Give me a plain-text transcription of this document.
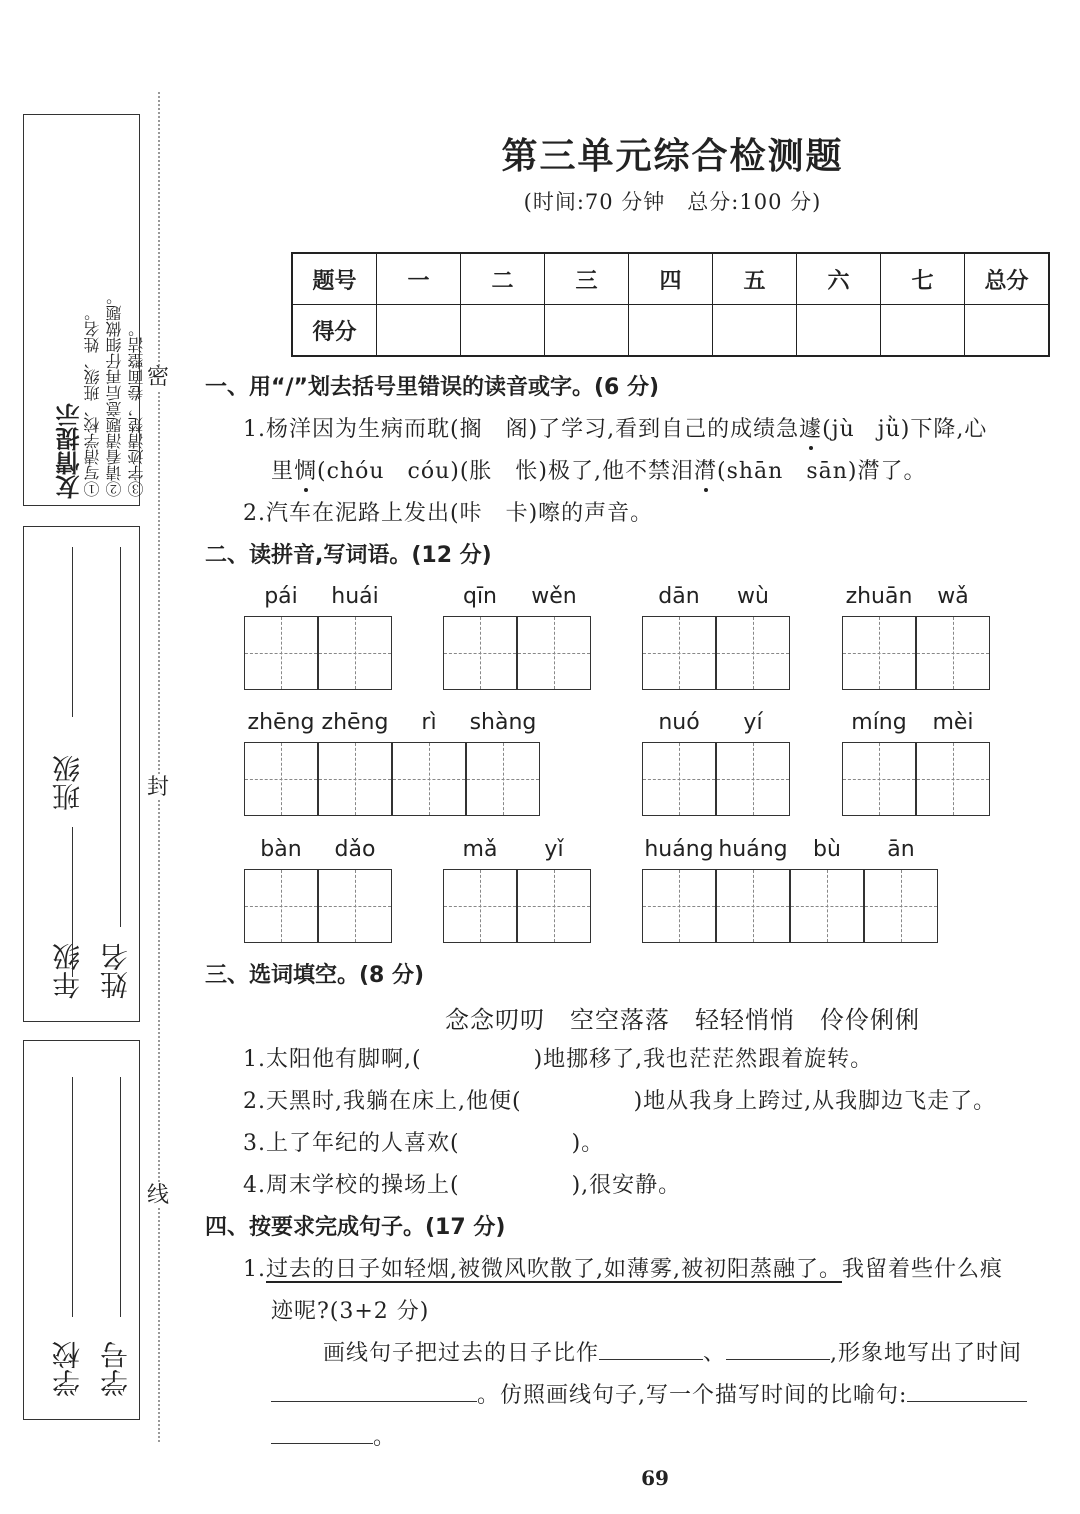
友情提示 ①写清学校、班级、姓名。 ②请看清题意后再仔细做题。 ③字迹清楚，卷面整洁。
年级
班级
姓名
学校 学号
密
封
线
第三单元综合检测题
(时间:70 分钟　总分:100 分)
题号	一	二	三	四	五	六	七	总分
得分								
一、用“/”划去括号里错误的读音或字。(6 分)
1.杨洋因为生病而耽(搁　阁)了学习,看到自己的成绩急遽(jù　jǜ)下降,心
里惆(chóu　cóu)(胀　怅)极了,他不禁泪潸(shān　sān)潸了。
2.汽车在泥路上发出(咔　卡)嚓的声音。
二、读拼音,写词语。(12 分)
pái	huái	qīn	wěn	dān	wù	zhuān	wǎ
zhēng zhēng	rì	shàng	nuó	yí	míng	mèi
bàn	dǎo	mǎ	yǐ	huáng huáng	bù	ān
三、选词填空。(8 分)
念念叨叨　空空落落　轻轻悄悄　伶伶俐俐
1.太阳他有脚啊,(	)地挪移了,我也茫茫然跟着旋转。
2.天黑时,我躺在床上,他便(	)地从我身上跨过,从我脚边飞走了。
3.上了年纪的人喜欢(	)。
4.周末学校的操场上(	),很安静。
四、按要求完成句子。(17 分)
1.过去的日子如轻烟,被微风吹散了,如薄雾,被初阳蒸融了。我留着些什么痕
迹呢?(3+2 分)
画线句子把过去的日子比作	、	,形象地写出了时间
。仿照画线句子,写一个描写时间的比喻句:
。
69
